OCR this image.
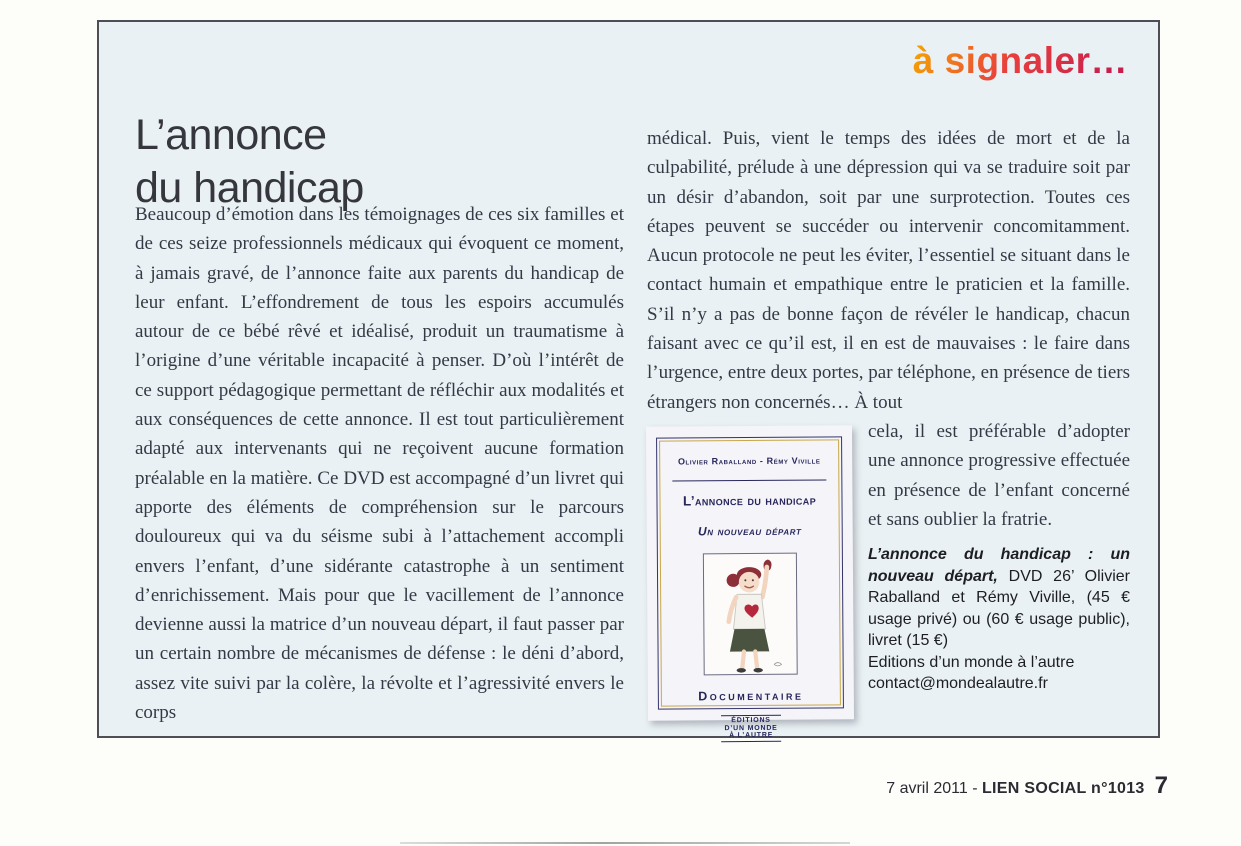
à signaler…
L’annonce
du handicap

Beaucoup d’émotion dans les témoignages de ces six familles et de ces seize professionnels médicaux qui évoquent ce moment, à jamais gravé, de l’annonce faite aux parents du handicap de leur enfant. L’effondrement de tous les espoirs accumulés autour de ce bébé rêvé et idéalisé, produit un traumatisme à l’origine d’une véritable incapacité à penser. D’où l’intérêt de ce support pédagogique permettant de réfléchir aux modalités et aux conséquences de cette annonce. Il est tout particulièrement adapté aux intervenants qui ne reçoivent aucune formation préalable en la matière. Ce DVD est accompagné d’un livret qui apporte des éléments de compréhension sur le parcours douloureux qui va du séisme subi à l’attachement accompli envers l’enfant, d’une sidérante catastrophe à un sentiment d’enrichissement. Mais pour que le vacillement de l’annonce devienne aussi la matrice d’un nouveau départ, il faut passer par un certain nombre de mécanismes de défense : le déni d’abord, assez vite suivi par la colère, la révolte et l’agressivité envers le corps

médical. Puis, vient le temps des idées de mort et de la culpabilité, prélude à une dépression qui va se traduire soit par un désir d’abandon, soit par une surprotection. Toutes ces étapes peuvent se succéder ou intervenir concomitamment. Aucun protocole ne peut les éviter, l’essentiel se situant dans le contact humain et empathique entre le praticien et la famille. S’il n’y a pas de bonne façon de révéler le handicap, chacun faisant avec ce qu’il est, il en est de mauvaises : le faire dans l’urgence, entre deux portes, par téléphone, en présence de tiers étrangers non concernés… À tout

Olivier Raballand - Rémy Viville
L’annonce du handicap
Un nouveau départ
Documentaire
ÉDITIONS
D’UN MONDE
À L’AUTRE

cela, il est préférable d’adopter une annonce progressive effectuée en présence de l’enfant concerné et sans oublier la fratrie.

L’annonce du handicap : un nouveau départ, DVD 26’ Olivier Raballand et Rémy Viville, (45 € usage privé) ou (60 € usage public), livret (15 €)

Editions d’un monde à l’autre
contact@mondealautre.fr
7 avril 2011 - LIEN SOCIAL n°1013 7
